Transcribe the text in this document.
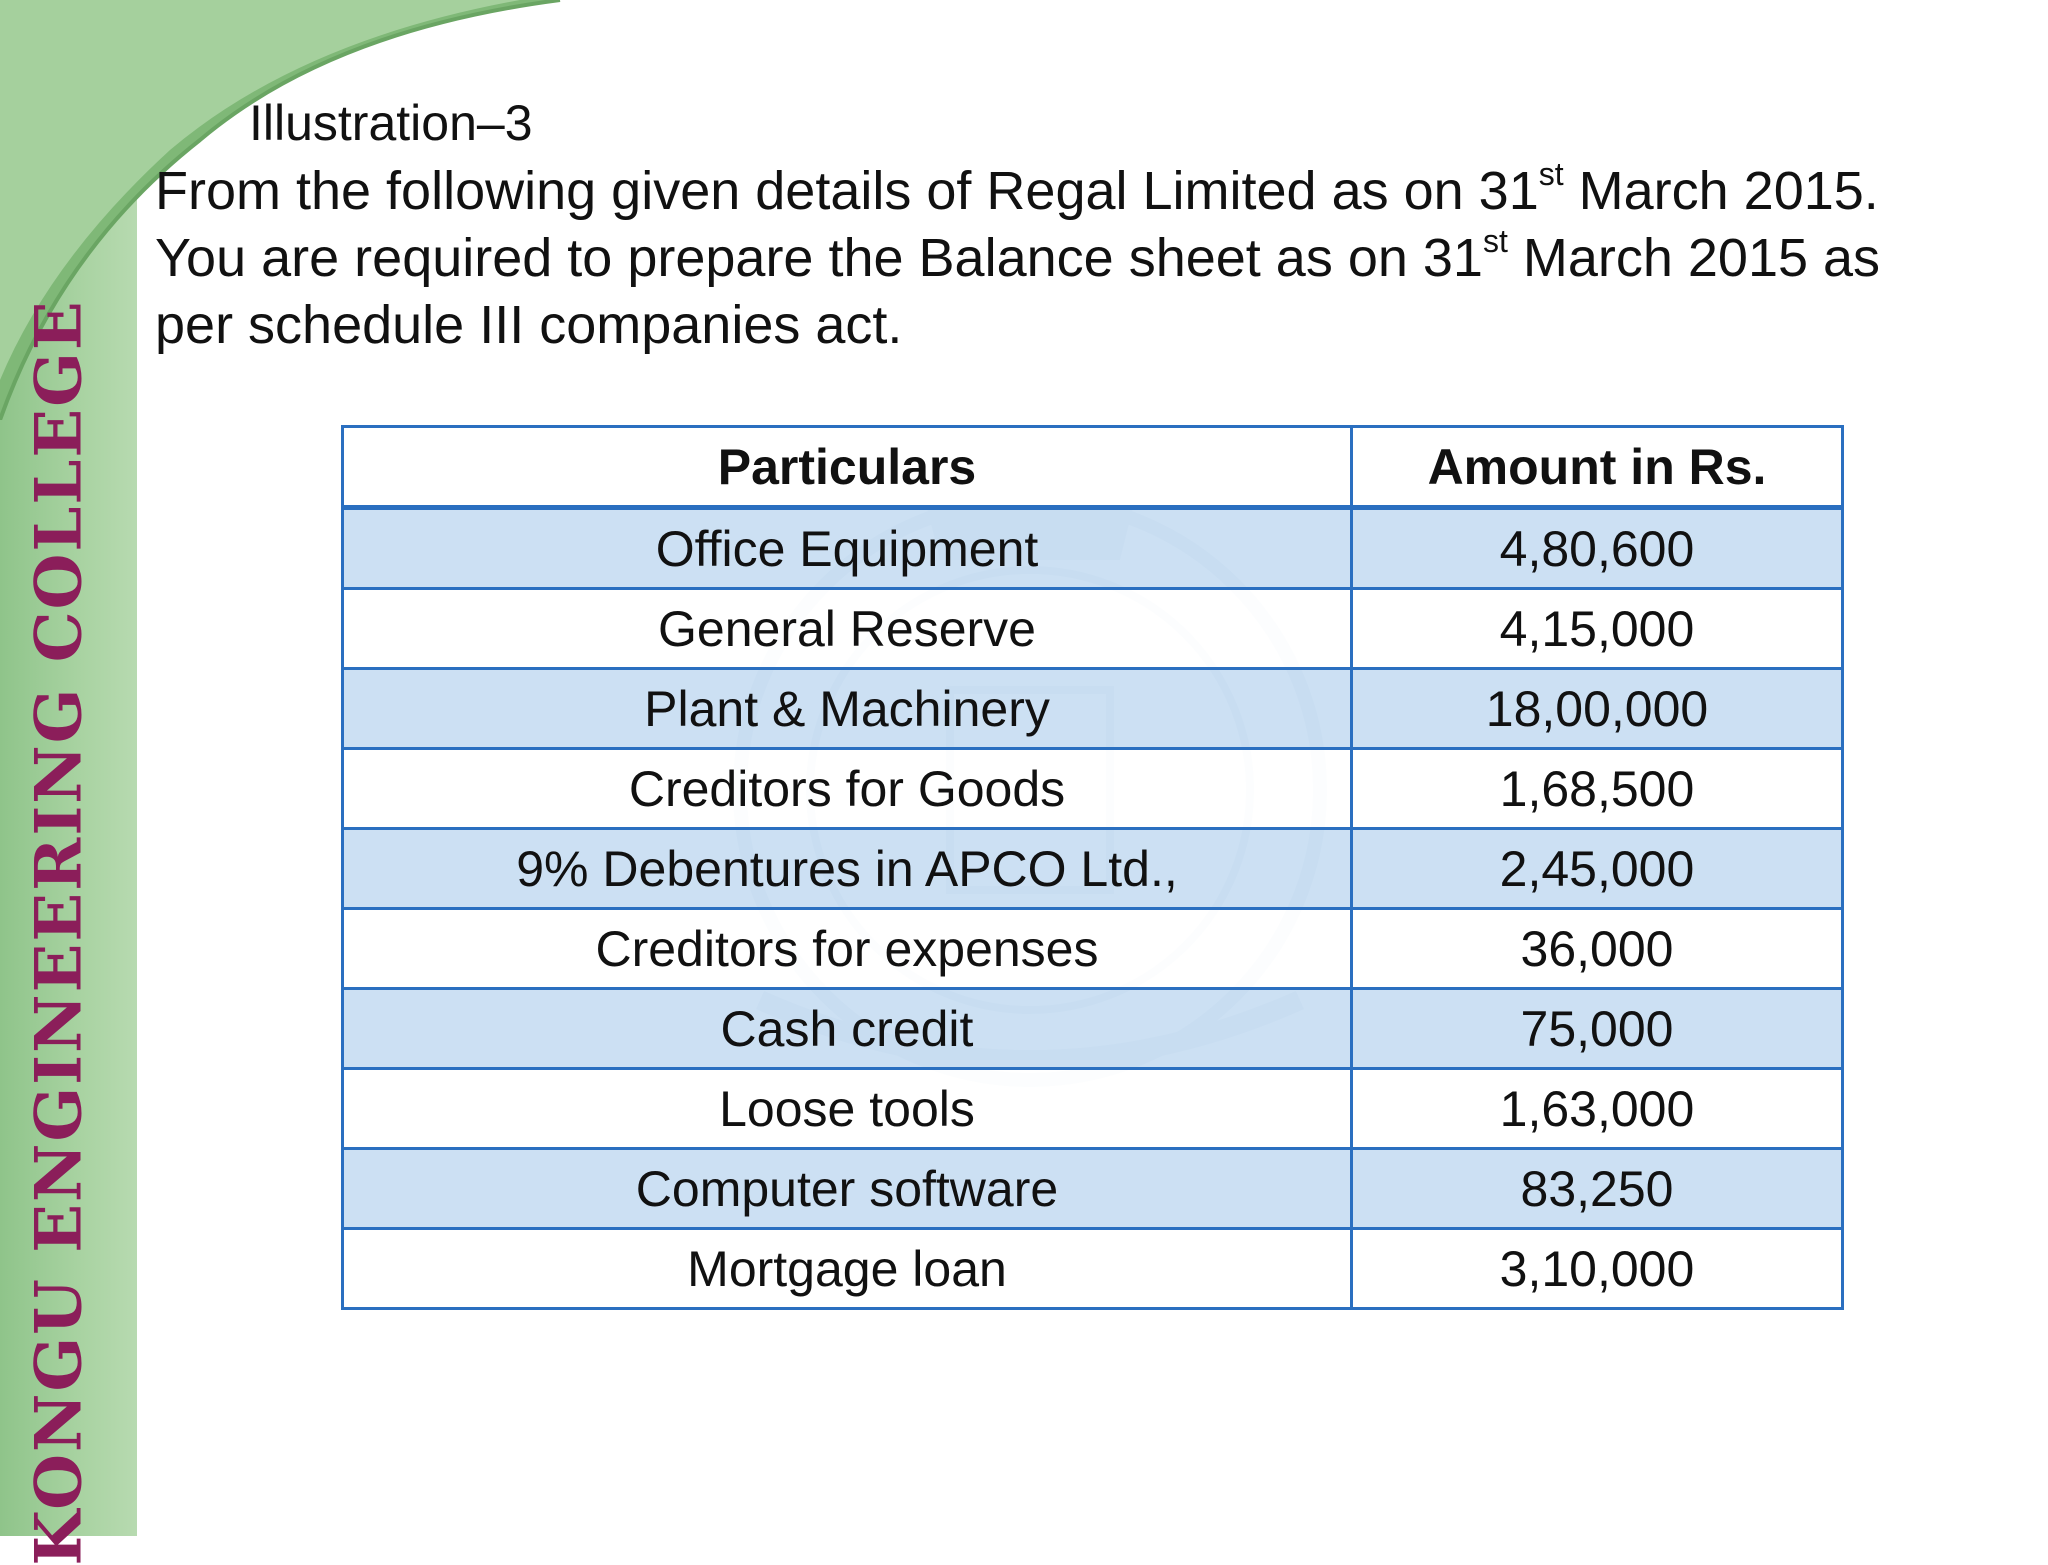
KONGU ENGINEERING COLLEGE
Illustration–3
From the following given details of Regal Limited as on 31st March 2015.
You are required to prepare the Balance sheet as on 31st March 2015 as
per schedule III companies act.
Particulars	Amount in Rs.
Office Equipment	4,80,600
General Reserve	4,15,000
Plant & Machinery	18,00,000
Creditors for Goods	1,68,500
9% Debentures in APCO Ltd.,	2,45,000
Creditors for expenses	36,000
Cash credit	75,000
Loose tools	1,63,000
Computer software	83,250
Mortgage loan	3,10,000
